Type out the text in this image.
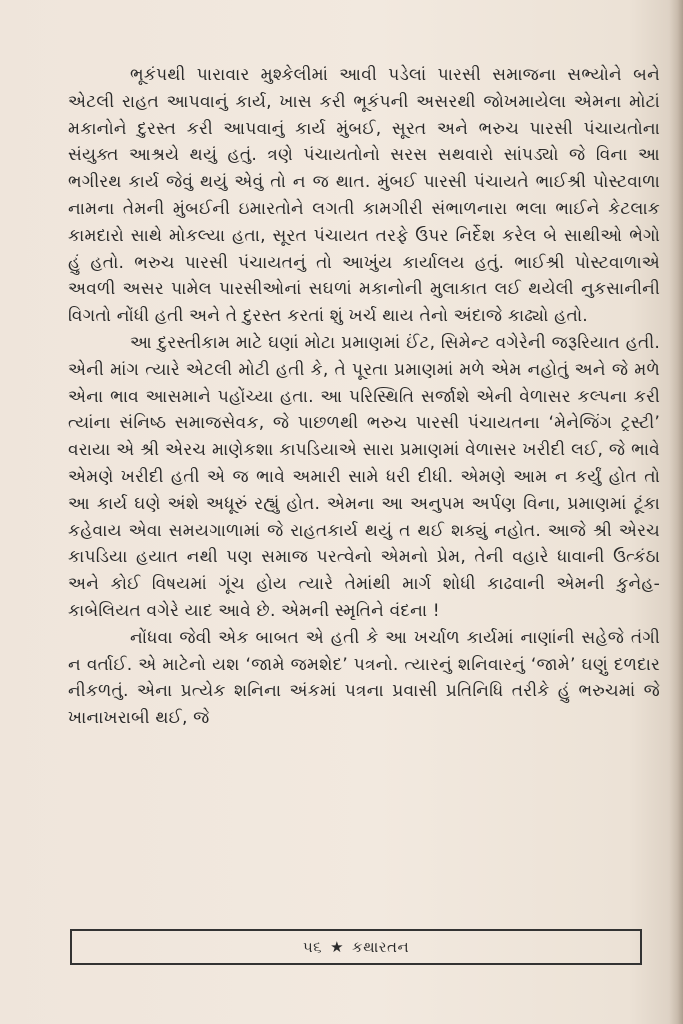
ભૂકંપથી પારાવાર મુશ્કેલીમાં આવી પડેલાં પારસી સમાજના સભ્યોને બને એટલી રાહત આપવાનું કાર્ય, ખાસ કરી ભૂકંપની અસરથી જોખમાયેલા એમના મોટાં મકાનોને દુરસ્ત કરી આપવાનું કાર્ય મુંબઈ, સૂરત અને ભરુચ પારસી પંચાયતોના સંયુક્ત આશ્રયે થયું હતું. ત્રણે પંચાયતોનો સરસ સથવારો સાંપડ્યો જે વિના આ ભગીરથ કાર્ય જેવું થયું એવું તો ન જ થાત. મુંબઈ પારસી પંચાયતે ભાઈશ્રી પોસ્ટવાળા નામના તેમની મુંબઈની ઇમારતોને લગતી કામગીરી સંભાળનારા ભલા ભાઈને કેટલાક કામદારો સાથે મોકલ્યા હતા, સૂરત પંચાયત તરફે ઉપર નિર્દેશ કરેલ બે સાથીઓ ભેગો હું હતો. ભરુચ પારસી પંચાયતનું તો આખુંય કાર્યાલય હતું. ભાઈશ્રી પોસ્ટવાળાએ અવળી અસર પામેલ પારસીઓનાં સઘળાં મકાનોની મુલાકાત લઈ થયેલી નુકસાનીની વિગતો નોંધી હતી અને તે દુરસ્ત કરતાં શું ખર્ચ થાય તેનો અંદાજે કાઢ્યો હતો.

આ દુરસ્તીકામ માટે ઘણાં મોટા પ્રમાણમાં ઈંટ, સિમેન્ટ વગેરેની જરૂરિયાત હતી. એની માંગ ત્યારે એટલી મોટી હતી કે, તે પૂરતા પ્રમાણમાં મળે એમ નહોતું અને જે મળે એના ભાવ આસમાને પહોંચ્યા હતા. આ પરિસ્થિતિ સર્જાશે એની વેળાસર કલ્પના કરી ત્યાંના સંનિષ્ઠ સમાજસેવક, જે પાછળથી ભરુચ પારસી પંચાયતના ‘મેનેજિંગ ટ્રસ્ટી’ વરાયા એ શ્રી એરચ માણેકશા કાપડિયાએ સારા પ્રમાણમાં વેળાસર ખરીદી લઈ, જે ભાવે એમણે ખરીદી હતી એ જ ભાવે અમારી સામે ધરી દીધી. એમણે આમ ન કર્યું હોત તો આ કાર્ય ઘણે અંશે અધૂરું રહ્યું હોત. એમના આ અનુપમ અર્પણ વિના, પ્રમાણમાં ટૂંકા કહેવાય એવા સમયગાળામાં જે રાહતકાર્ય થયું ત થઈ શક્યું નહોત. આજે શ્રી એરચ કાપડિયા હયાત નથી પણ સમાજ પરત્વેનો એમનો પ્રેમ, તેની વહારે ધાવાની ઉત્કંઠા અને કોઈ વિષયમાં ગૂંચ હોય ત્યારે તેમાંથી માર્ગ શોધી કાઢવાની એમની કુનેહ-કાબેલિયત વગેરે યાદ આવે છે. એમની સ્મૃતિને વંદના !

નોંધવા જેવી એક બાબત એ હતી કે આ ખર્ચાળ કાર્યમાં નાણાંની સહેજે તંગી ન વર્તાઈ. એ માટેનો યશ ‘જામે જમશેદ’ પત્રનો. ત્યારનું શનિવારનું ‘જામે’ ઘણું દળદાર નીકળતું. એના પ્રત્યેક શનિના અંકમાં પત્રના પ્રવાસી પ્રતિનિધિ તરીકે હું ભરુચમાં જે ખાનાખરાબી થઈ, જે

૫૬ ★ કથારતન
